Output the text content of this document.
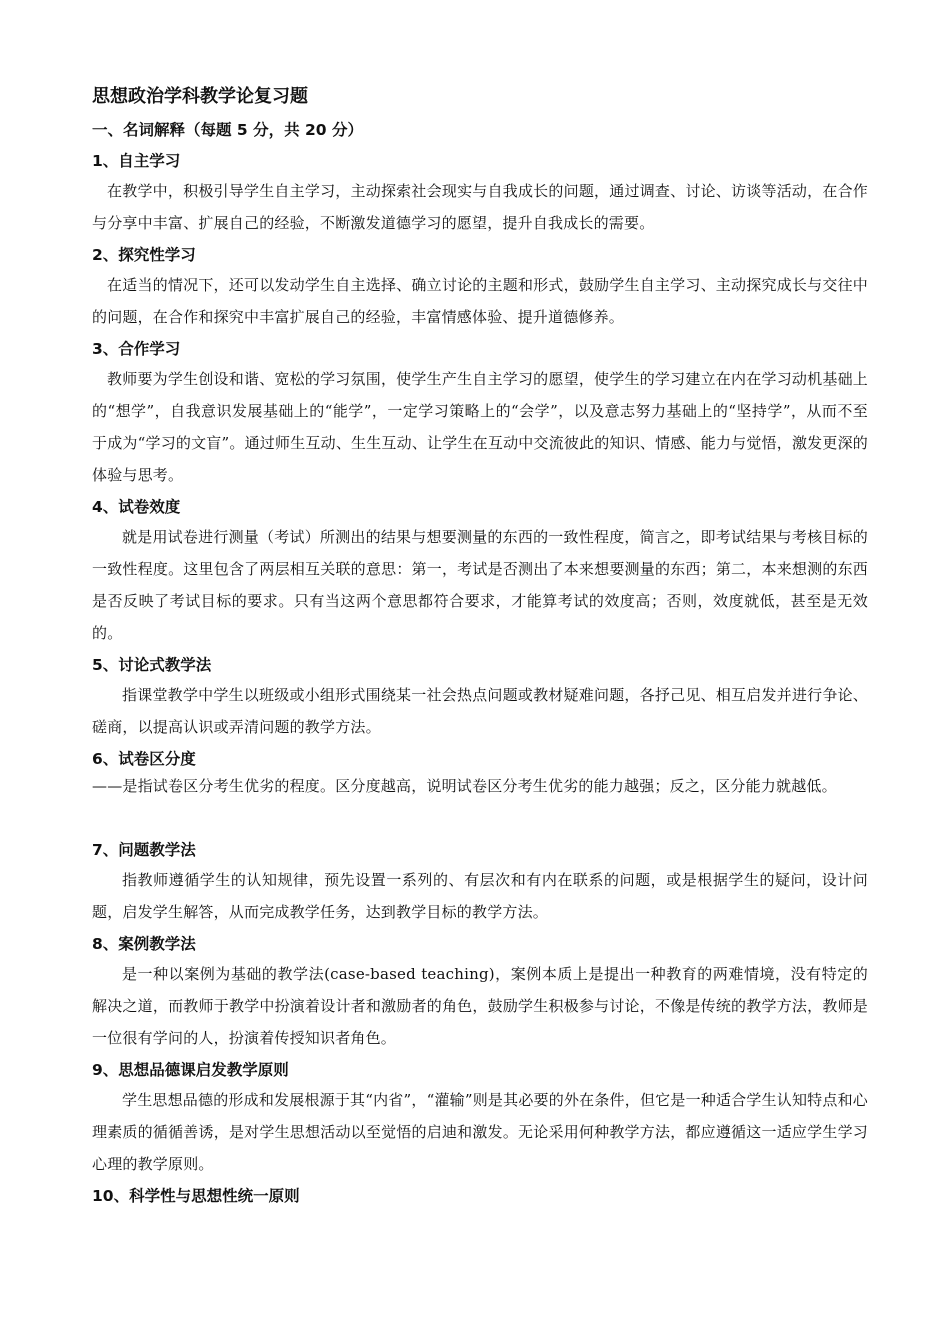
思想政治学科教学论复习题
一、名词解释（每题 5 分，共 20 分）
1、自主学习

在教学中，积极引导学生自主学习，主动探索社会现实与自我成长的问题，通过调查、讨论、访谈等活动，在合作与分享中丰富、扩展自己的经验，不断激发道德学习的愿望，提升自我成长的需要。

2、探究性学习

在适当的情况下，还可以发动学生自主选择、确立讨论的主题和形式，鼓励学生自主学习、主动探究成长与交往中的问题，在合作和探究中丰富扩展自己的经验，丰富情感体验、提升道德修养。

3、合作学习

教师要为学生创设和谐、宽松的学习氛围，使学生产生自主学习的愿望，使学生的学习建立在内在学习动机基础上的“想学”，自我意识发展基础上的“能学”，一定学习策略上的“会学”，以及意志努力基础上的“坚持学”，从而不至于成为“学习的文盲”。通过师生互动、生生互动、让学生在互动中交流彼此的知识、情感、能力与觉悟，激发更深的体验与思考。

4、试卷效度

就是用试卷进行测量（考试）所测出的结果与想要测量的东西的一致性程度，简言之，即考试结果与考核目标的一致性程度。这里包含了两层相互关联的意思：第一，考试是否测出了本来想要测量的东西；第二，本来想测的东西是否反映了考试目标的要求。只有当这两个意思都符合要求，才能算考试的效度高；否则，效度就低，甚至是无效的。

5、讨论式教学法

指课堂教学中学生以班级或小组形式围绕某一社会热点问题或教材疑难问题，各抒己见、相互启发并进行争论、磋商，以提高认识或弄清问题的教学方法。

6、试卷区分度

——是指试卷区分考生优劣的程度。区分度越高，说明试卷区分考生优劣的能力越强；反之，区分能力就越低。

7、问题教学法

指教师遵循学生的认知规律，预先设置一系列的、有层次和有内在联系的问题，或是根据学生的疑问，设计问题，启发学生解答，从而完成教学任务，达到教学目标的教学方法。

8、案例教学法

是一种以案例为基础的教学法(case-based teaching)，案例本质上是提出一种教育的两难情境，没有特定的解决之道，而教师于教学中扮演着设计者和激励者的角色，鼓励学生积极参与讨论，不像是传统的教学方法，教师是一位很有学问的人，扮演着传授知识者角色。

9、思想品德课启发教学原则

学生思想品德的形成和发展根源于其“内省”，“灌输”则是其必要的外在条件，但它是一种适合学生认知特点和心理素质的循循善诱，是对学生思想活动以至觉悟的启迪和激发。无论采用何种教学方法，都应遵循这一适应学生学习心理的教学原则。

10、科学性与思想性统一原则
